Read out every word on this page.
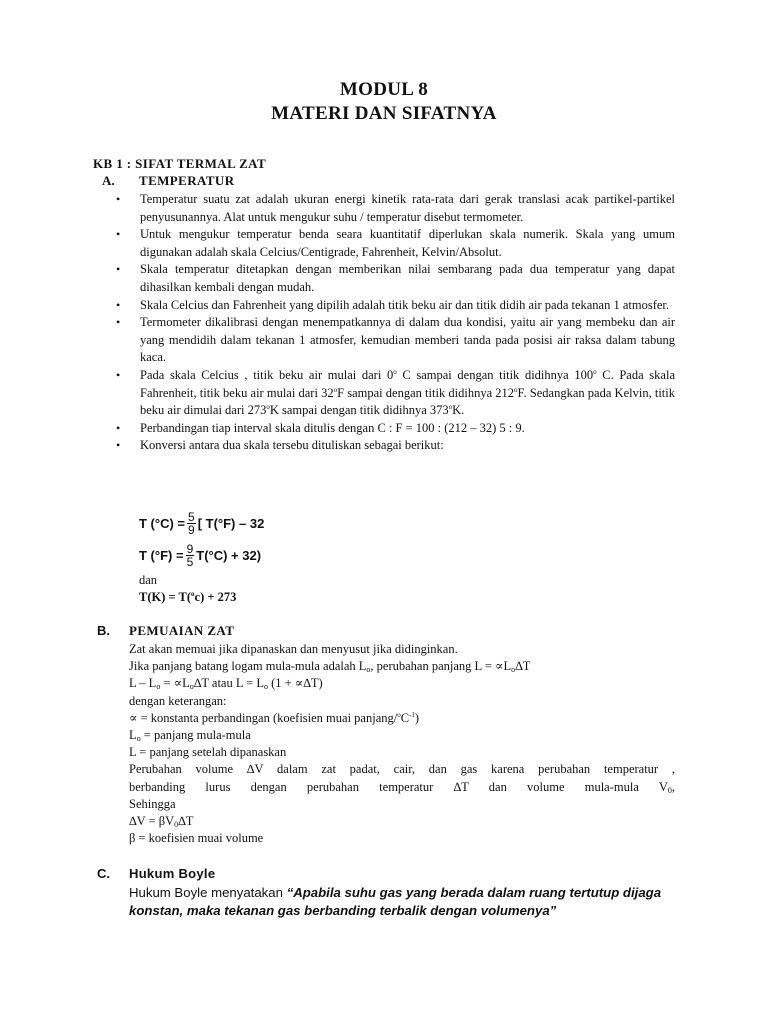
MODUL 8
MATERI DAN SIFATNYA
KB 1 : SIFAT TERMAL ZAT
A. TEMPERATUR
• Temperatur suatu zat adalah ukuran energi kinetik rata-rata dari gerak translasi acak partikel-partikel penyusunannya. Alat untuk mengukur suhu / temperatur disebut termometer.
• Untuk mengukur temperatur benda seara kuantitatif diperlukan skala numerik. Skala yang umum digunakan adalah skala Celcius/Centigrade, Fahrenheit, Kelvin/Absolut.
• Skala temperatur ditetapkan dengan memberikan nilai sembarang pada dua temperatur yang dapat dihasilkan kembali dengan mudah.
• Skala Celcius dan Fahrenheit yang dipilih adalah titik beku air dan titik didih air pada tekanan 1 atmosfer.
• Termometer dikalibrasi dengan menempatkannya di dalam dua kondisi, yaitu air yang membeku dan air yang mendidih dalam tekanan 1 atmosfer, kemudian memberi tanda pada posisi air raksa dalam tabung kaca.
• Pada skala Celcius , titik beku air mulai dari 0$^o$ C sampai dengan titik didihnya 100$^o$ C. Pada skala Fahrenheit, titik beku air mulai dari 32$^o$F sampai dengan titik didihnya 212$^o$F. Sedangkan pada Kelvin, titik beku air dimulai dari 273$^o$K sampai dengan titik didihnya 373$^o$K.
• Perbandingan tiap interval skala ditulis dengan C : F = 100 : (212 – 32) 5 : 9.
• Konversi antara dua skala tersebu dituliskan sebagai berikut:
T $(^\circ C) = \frac{5}{9}$ [ T(°F) – 32
T $(^\circ F) = \frac{9}{5} T(^\circ C) + 32$)
dan
T(K) = T($^o$c) + 273
B. PEMUAIAN ZAT
Zat akan memuai jika dipanaskan dan menyusut jika didinginkan.
Jika panjang batang logam mula-mula adalah $L_o$, perubahan panjang $L = \propto L_o\Delta T$
$L - L_o = \propto L_o\Delta T$ atau $L = L_o$ (1 + ∝∆T)
dengan keterangan:
∝ = konstanta perbandingan (koefisien muai panjang/$^oC^{-1}$)
$L_o$ = panjang mula-mula
L = panjang setelah dipanaskan
Perubahan volume ∆V dalam zat padat, cair, dan gas karena perubahan temperatur ,
berbanding lurus dengan perubahan temperatur ∆T dan volume mula-mula $V_0$,
Sehingga
$\Delta V = \beta V_0\Delta T$
β = koefisien muai volume
C. Hukum Boyle
Hukum Boyle menyatakan “Apabila suhu gas yang berada dalam ruang tertutup dijaga konstan, maka tekanan gas berbanding terbalik dengan volumenya”
